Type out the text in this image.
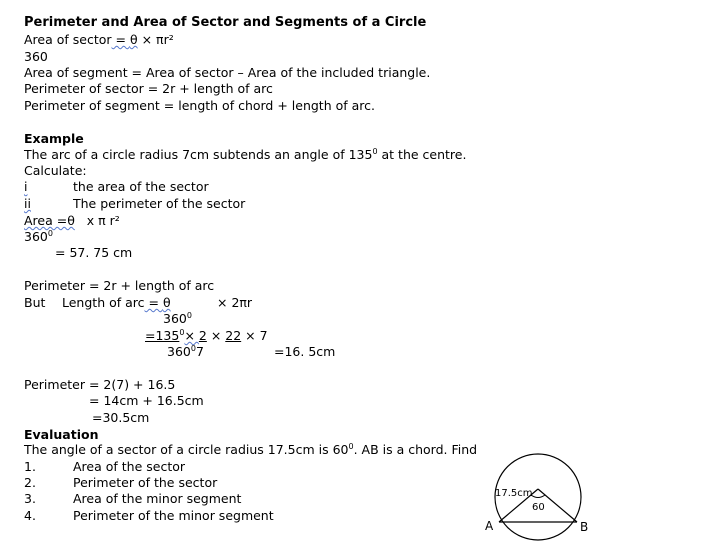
Perimeter and Area of Sector and Segments of a Circle
Area of sector = θ × πr²
360
Area of segment = Area of sector – Area of the included triangle.
Perimeter of sector = 2r + length of arc
Perimeter of segment = length of chord + length of arc.
Example
The arc of a circle radius 7cm subtends an angle of $135^0$ at the centre.
Calculate:
i	the area of the sector
ii	The perimeter of the sector
Area =θ x π r²
$360^0$
= 57. 75 cm
Perimeter = 2r + length of arc
But Length of arc = θ	× 2πr
$360^0$
$=135^0\times 2 \times 22 \times 7$
$360^07$	=16. 5cm
Perimeter = 2(7) + 16.5
= 14cm + 16.5cm
=30.5cm
Evaluation
The angle of a sector of a circle radius 17.5cm is $60^0$. AB is a chord. Find
1.	Area of the sector
2.	Perimeter of the sector
3.	Area of the minor segment
4.	Perimeter of the minor segment
17.5cm
60
A	B
